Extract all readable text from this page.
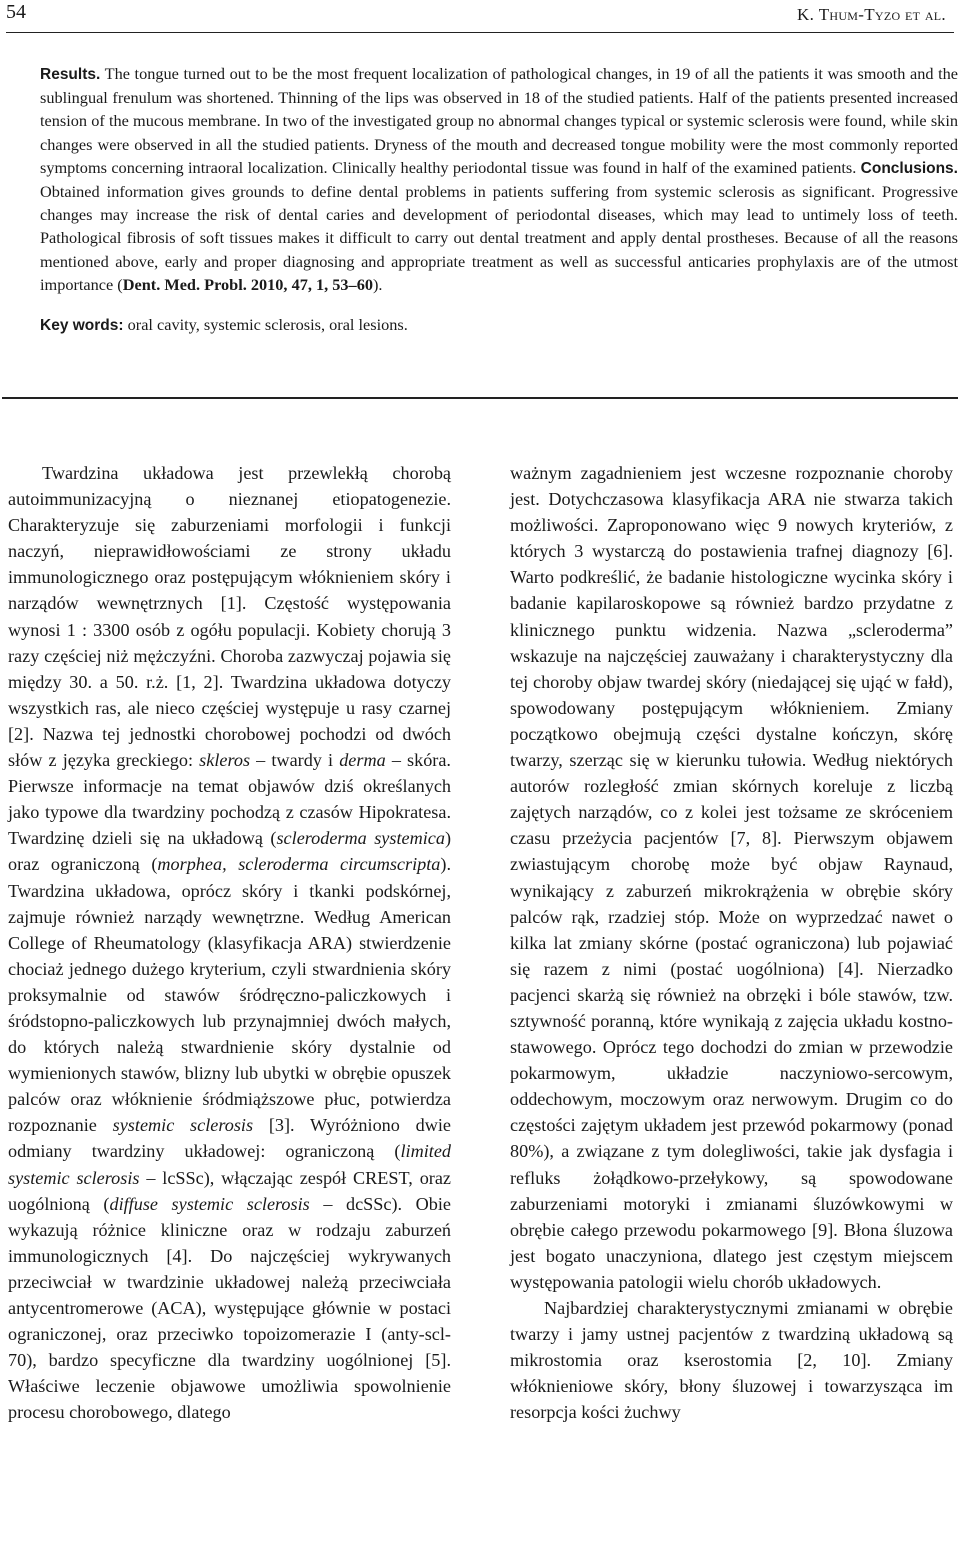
54	K. Thum-Tyzo et al.

Results. The tongue turned out to be the most frequent localization of pathological changes, in 19 of all the patients it was smooth and the sublingual frenulum was shortened. Thinning of the lips was observed in 18 of the studied patients. Half of the patients presented increased tension of the mucous membrane. In two of the investigated group no abnormal changes typical or systemic sclerosis were found, while skin changes were observed in all the studied patients. Dryness of the mouth and decreased tongue mobility were the most commonly reported symptoms concerning intraoral localization. Clinically healthy periodontal tissue was found in half of the examined patients. Conclusions. Obtained information gives grounds to define dental problems in patients suffering from systemic sclerosis as significant. Progressive changes may increase the risk of dental caries and development of periodontal diseases, which may lead to untimely loss of teeth. Pathological fibrosis of soft tissues makes it difficult to carry out dental treatment and apply dental prostheses. Because of all the reasons mentioned above, early and proper diagnosing and appropriate treatment as well as successful anticaries prophylaxis are of the utmost importance (Dent. Med. Probl. 2010, 47, 1, 53–60).

Key words: oral cavity, systemic sclerosis, oral lesions.

Twardzina układowa jest przewlekłą chorobą autoimmunizacyjną o nieznanej etiopatogenezie. Charakteryzuje się zaburzeniami morfologii i funkcji naczyń, nieprawidłowościami ze strony układu immunologicznego oraz postępującym włóknieniem skóry i narządów wewnętrznych [1]. Częstość występowania wynosi 1 : 3300 osób z ogółu populacji. Kobiety chorują 3 razy częściej niż mężczyźni. Choroba zazwyczaj pojawia się między 30. a 50. r.ż. [1, 2]. Twardzina układowa dotyczy wszystkich ras, ale nieco częściej występuje u rasy czarnej [2]. Nazwa tej jednostki chorobowej pochodzi od dwóch słów z języka greckiego: skleros – twardy i derma – skóra. Pierwsze informacje na temat objawów dziś określanych jako typowe dla twardziny pochodzą z czasów Hipokratesa. Twardzinę dzieli się na układową (scleroderma systemica) oraz ograniczoną (morphea, scleroderma circumscripta). Twardzina układowa, oprócz skóry i tkanki podskórnej, zajmuje również narządy wewnętrzne. Według American College of Rheumatology (klasyfikacja ARA) stwierdzenie chociaż jednego dużego kryterium, czyli stwardnienia skóry proksymalnie od stawów śródręczno-paliczkowych i śródstopno-paliczkowych lub przynajmniej dwóch małych, do których należą stwardnienie skóry dystalnie od wymienionych stawów, blizny lub ubytki w obrębie opuszek palców oraz włóknienie śródmiąższowe płuc, potwierdza rozpoznanie systemic sclerosis [3]. Wyróżniono dwie odmiany twardziny układowej: ograniczoną (limited systemic sclerosis – lcSSc), włączając zespół CREST, oraz uogólnioną (diffuse systemic sclerosis – dcSSc). Obie wykazują różnice kliniczne oraz w rodzaju zaburzeń immunologicznych [4]. Do najczęściej wykrywanych przeciwciał w twardzinie układowej należą przeciwciała antycentromerowe (ACA), występujące głównie w postaci ograniczonej, oraz przeciwko topoizomerazie I (anty-scl-70), bardzo specyficzne dla twardziny uogólnionej [5]. Właściwe leczenie objawowe umożliwia spowolnienie procesu chorobowego, dlatego

ważnym zagadnieniem jest wczesne rozpoznanie choroby jest. Dotychczasowa klasyfikacja ARA nie stwarza takich możliwości. Zaproponowano więc 9 nowych kryteriów, z których 3 wystarczą do postawienia trafnej diagnozy [6]. Warto podkreślić, że badanie histologiczne wycinka skóry i badanie kapilaroskopowe są również bardzo przydatne z klinicznego punktu widzenia. Nazwa „scleroderma” wskazuje na najczęściej zauważany i charakterystyczny dla tej choroby objaw twardej skóry (niedającej się ująć w fałd), spowodowany postępującym włóknieniem. Zmiany początkowo obejmują części dystalne kończyn, skórę twarzy, szerząc się w kierunku tułowia. Według niektórych autorów rozległość zmian skórnych koreluje z liczbą zajętych narządów, co z kolei jest tożsame ze skróceniem czasu przeżycia pacjentów [7, 8]. Pierwszym objawem zwiastującym chorobę może być objaw Raynaud, wynikający z zaburzeń mikrokrążenia w obrębie skóry palców rąk, rzadziej stóp. Może on wyprzedzać nawet o kilka lat zmiany skórne (postać ograniczona) lub pojawiać się razem z nimi (postać uogólniona) [4]. Nierzadko pacjenci skarżą się również na obrzęki i bóle stawów, tzw. sztywność poranną, które wynikają z zajęcia układu kostno-stawowego. Oprócz tego dochodzi do zmian w przewodzie pokarmowym, układzie naczyniowo-sercowym, oddechowym, moczowym oraz nerwowym. Drugim co do częstości zajętym układem jest przewód pokarmowy (ponad 80%), a związane z tym dolegliwości, takie jak dysfagia i refluks żołądkowo-przełykowy, są spowodowane zaburzeniami motoryki i zmianami śluzówkowymi w obrębie całego przewodu pokarmowego [9]. Błona śluzowa jest bogato unaczyniona, dlatego jest częstym miejscem występowania patologii wielu chorób układowych.

Najbardziej charakterystycznymi zmianami w obrębie twarzy i jamy ustnej pacjentów z twardziną układową są mikrostomia oraz kserostomia [2, 10]. Zmiany włóknieniowe skóry, błony śluzowej i towarzysząca im resorpcja kości żuchwy
